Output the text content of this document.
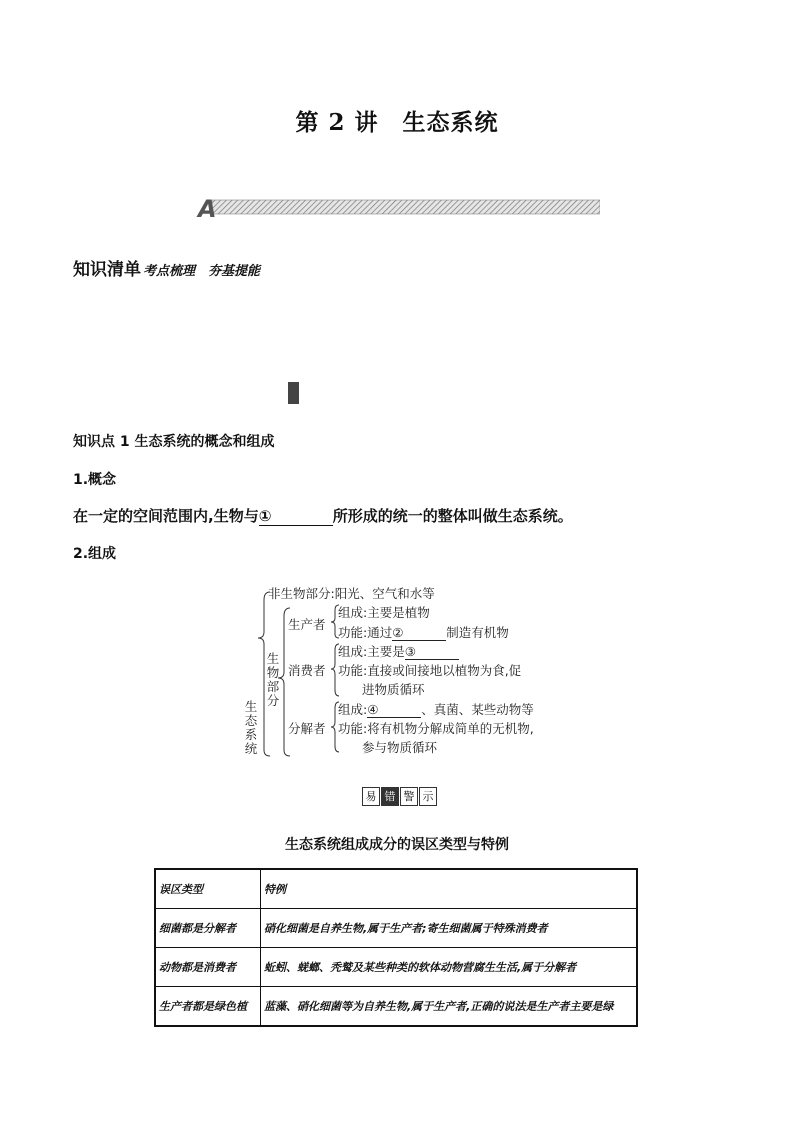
第 2 讲　生态系统
A
知识清单 考点梳理　夯基提能
知识点 1 生态系统的概念和组成
1.概念
在一定的空间范围内,生物与①	所形成的统一的整体叫做生态系统。
2.组成
生态系统
非生物部分:阳光、空气和水等
生物部分
生产者
组成:主要是植物
功能:通过②	制造有机物
消费者
组成:主要是③
功能:直接或间接地以植物为食,促
进物质循环
分解者
组成:④	、真菌、某些动物等
功能:将有机物分解成简单的无机物,
参与物质循环
易 错 警 示
生态系统组成成分的误区类型与特例
误区类型	特例
细菌都是分解者	硝化细菌是自养生物,属于生产者;寄生细菌属于特殊消费者
动物都是消费者	蚯蚓、蜣螂、秃鹫及某些种类的软体动物营腐生生活,属于分解者
生产者都是绿色植	蓝藻、硝化细菌等为自养生物,属于生产者,正确的说法是生产者主要是绿
